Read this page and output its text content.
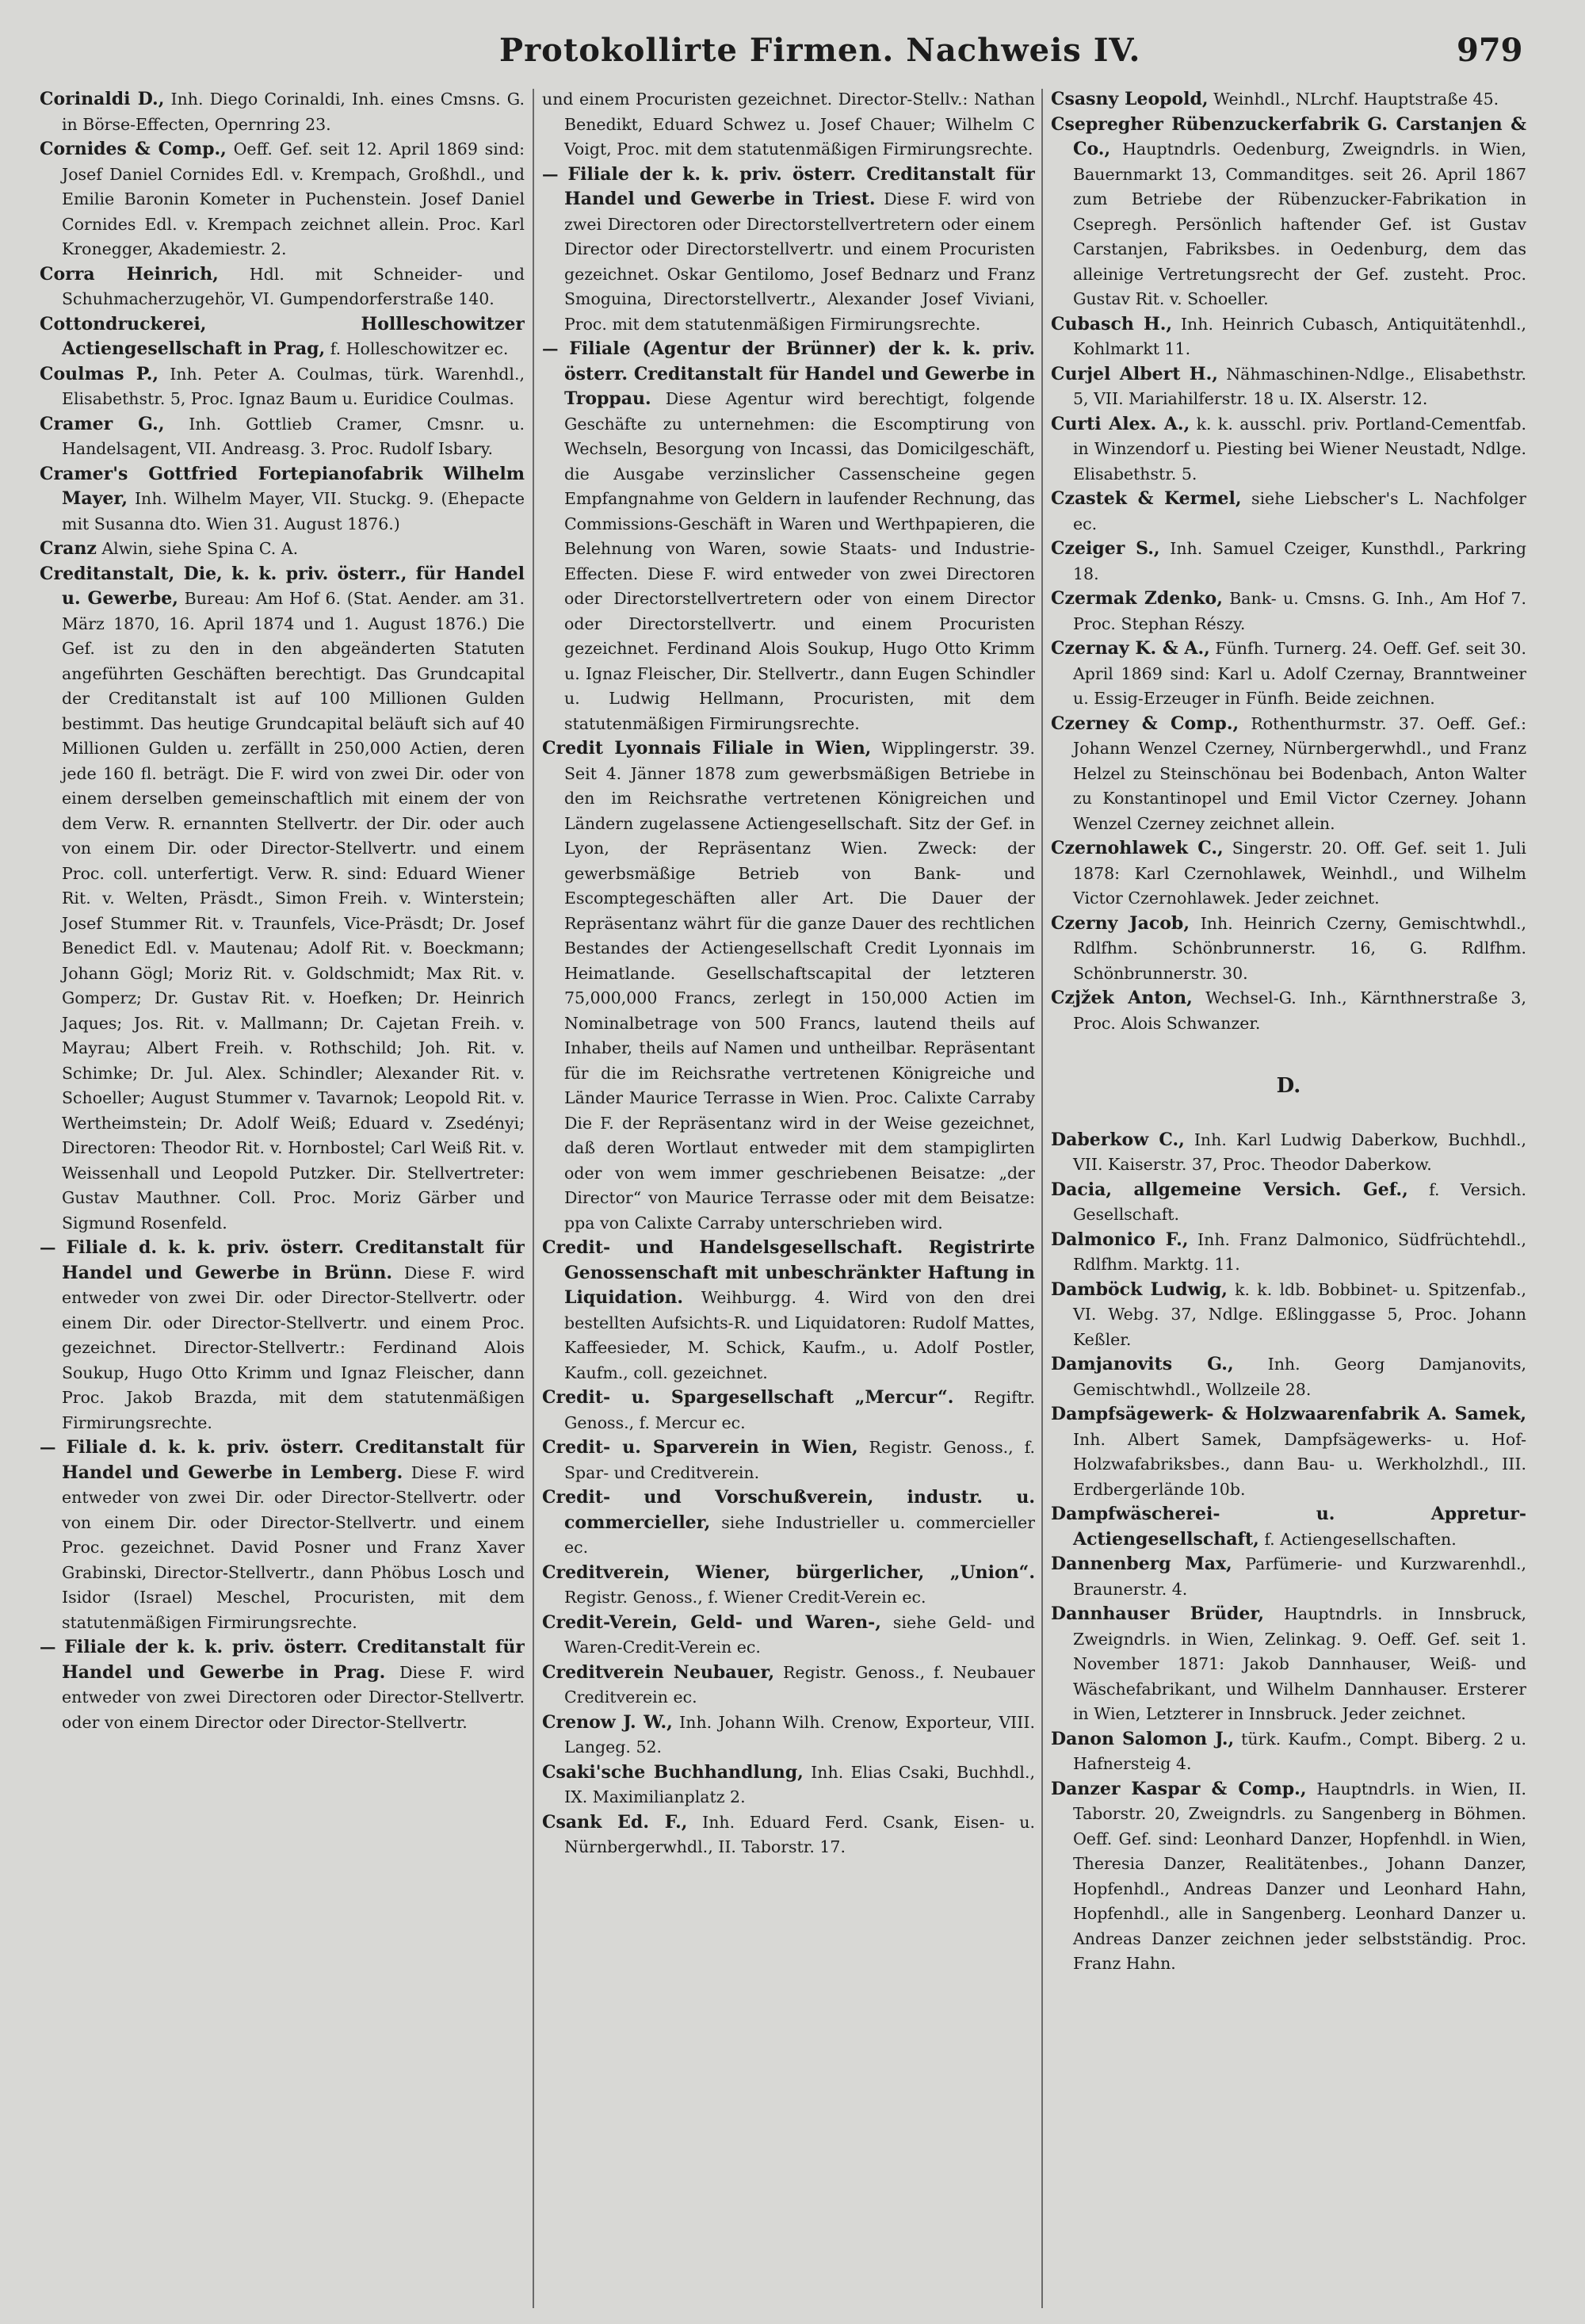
Protokollirte Firmen. Nachweis IV.	979

Corinaldi D., Inh. Diego Corinaldi, Inh. eines Cmsns. G. in Börse-Effecten, Opernring 23.

Cornides & Comp., Oeff. Gef. seit 12. April 1869 sind: Josef Daniel Cornides Edl. v. Krempach, Großhdl., und Emilie Baronin Kometer in Puchenstein. Josef Daniel Cornides Edl. v. Krempach zeichnet allein. Proc. Karl Kronegger, Akademiestr. 2.

Corra Heinrich, Hdl. mit Schneider- und Schuhmacherzugehör, VI. Gumpendorferstraße 140.

Cottondruckerei, Hollleschowitzer Actiengesellschaft in Prag, f. Holleschowitzer ec.

Coulmas P., Inh. Peter A. Coulmas, türk. Warenhdl., Elisabethstr. 5, Proc. Ignaz Baum u. Euridice Coulmas.

Cramer G., Inh. Gottlieb Cramer, Cmsnr. u. Handelsagent, VII. Andreasg. 3. Proc. Rudolf Isbary.

Cramer's Gottfried Fortepianofabrik Wilhelm Mayer, Inh. Wilhelm Mayer, VII. Stuckg. 9. (Ehepacte mit Susanna dto. Wien 31. August 1876.)

Cranz Alwin, siehe Spina C. A.

Creditanstalt, Die, k. k. priv. österr., für Handel u. Gewerbe, Bureau: Am Hof 6. (Stat. Aender. am 31. März 1870, 16. April 1874 und 1. August 1876.) Die Gef. ist zu den in den abgeänderten Statuten angeführten Geschäften berechtigt. Das Grundcapital der Creditanstalt ist auf 100 Millionen Gulden bestimmt. Das heutige Grundcapital beläuft sich auf 40 Millionen Gulden u. zerfällt in 250,000 Actien, deren jede 160 fl. beträgt. Die F. wird von zwei Dir. oder von einem derselben gemeinschaftlich mit einem der von dem Verw. R. ernannten Stellvertr. der Dir. oder auch von einem Dir. oder Director-Stellvertr. und einem Proc. coll. unterfertigt. Verw. R. sind: Eduard Wiener Rit. v. Welten, Präsdt., Simon Freih. v. Winterstein; Josef Stummer Rit. v. Traunfels, Vice-Präsdt; Dr. Josef Benedict Edl. v. Mautenau; Adolf Rit. v. Boeckmann; Johann Gögl; Moriz Rit. v. Goldschmidt; Max Rit. v. Gomperz; Dr. Gustav Rit. v. Hoefken; Dr. Heinrich Jaques; Jos. Rit. v. Mallmann; Dr. Cajetan Freih. v. Mayrau; Albert Freih. v. Rothschild; Joh. Rit. v. Schimke; Dr. Jul. Alex. Schindler; Alexander Rit. v. Schoeller; August Stummer v. Tavarnok; Leopold Rit. v. Wertheimstein; Dr. Adolf Weiß; Eduard v. Zsedényi; Directoren: Theodor Rit. v. Hornbostel; Carl Weiß Rit. v. Weissenhall und Leopold Putzker. Dir. Stellvertreter: Gustav Mauthner. Coll. Proc. Moriz Gärber und Sigmund Rosenfeld.

— Filiale d. k. k. priv. österr. Creditanstalt für Handel und Gewerbe in Brünn. Diese F. wird entweder von zwei Dir. oder Director-Stellvertr. oder einem Dir. oder Director-Stellvertr. und einem Proc. gezeichnet. Director-Stellvertr.: Ferdinand Alois Soukup, Hugo Otto Krimm und Ignaz Fleischer, dann Proc. Jakob Brazda, mit dem statutenmäßigen Firmirungsrechte.

— Filiale d. k. k. priv. österr. Creditanstalt für Handel und Gewerbe in Lemberg. Diese F. wird entweder von zwei Dir. oder Director-Stellvertr. oder von einem Dir. oder Director-Stellvertr. und einem Proc. gezeichnet. David Posner und Franz Xaver Grabinski, Director-Stellvertr., dann Phöbus Losch und Isidor (Israel) Meschel, Procuristen, mit dem statutenmäßigen Firmirungsrechte.

— Filiale der k. k. priv. österr. Creditanstalt für Handel und Gewerbe in Prag. Diese F. wird entweder von zwei Directoren oder Director-Stellvertr. oder von einem Director oder Director-Stellvertr.

und einem Procuristen gezeichnet. Director-Stellv.: Nathan Benedikt, Eduard Schwez u. Josef Chauer; Wilhelm C Voigt, Proc. mit dem statutenmäßigen Firmirungsrechte.

— Filiale der k. k. priv. österr. Creditanstalt für Handel und Gewerbe in Triest. Diese F. wird von zwei Directoren oder Directorstellvertretern oder einem Director oder Directorstellvertr. und einem Procuristen gezeichnet. Oskar Gentilomo, Josef Bednarz und Franz Smoguina, Directorstellvertr., Alexander Josef Viviani, Proc. mit dem statutenmäßigen Firmirungsrechte.

— Filiale (Agentur der Brünner) der k. k. priv. österr. Creditanstalt für Handel und Gewerbe in Troppau. Diese Agentur wird berechtigt, folgende Geschäfte zu unternehmen: die Escomptirung von Wechseln, Besorgung von Incassi, das Domicilgeschäft, die Ausgabe verzinslicher Cassenscheine gegen Empfangnahme von Geldern in laufender Rechnung, das Commissions-Geschäft in Waren und Werthpapieren, die Belehnung von Waren, sowie Staats- und Industrie-Effecten. Diese F. wird entweder von zwei Directoren oder Directorstellvertretern oder von einem Director oder Directorstellvertr. und einem Procuristen gezeichnet. Ferdinand Alois Soukup, Hugo Otto Krimm u. Ignaz Fleischer, Dir. Stellvertr., dann Eugen Schindler u. Ludwig Hellmann, Procuristen, mit dem statutenmäßigen Firmirungsrechte.

Credit Lyonnais Filiale in Wien, Wipplingerstr. 39. Seit 4. Jänner 1878 zum gewerbsmäßigen Betriebe in den im Reichsrathe vertretenen Königreichen und Ländern zugelassene Actiengesellschaft. Sitz der Gef. in Lyon, der Repräsentanz Wien. Zweck: der gewerbsmäßige Betrieb von Bank- und Escomptegeschäften aller Art. Die Dauer der Repräsentanz währt für die ganze Dauer des rechtlichen Bestandes der Actiengesellschaft Credit Lyonnais im Heimatlande. Gesellschaftscapital der letzteren 75,000,000 Francs, zerlegt in 150,000 Actien im Nominalbetrage von 500 Francs, lautend theils auf Inhaber, theils auf Namen und untheilbar. Repräsentant für die im Reichsrathe vertretenen Königreiche und Länder Maurice Terrasse in Wien. Proc. Calixte Carraby Die F. der Repräsentanz wird in der Weise gezeichnet, daß deren Wortlaut entweder mit dem stampiglirten oder von wem immer geschriebenen Beisatze: „der Director“ von Maurice Terrasse oder mit dem Beisatze: ppa von Calixte Carraby unterschrieben wird.

Credit- und Handelsgesellschaft. Registrirte Genossenschaft mit unbeschränkter Haftung in Liquidation. Weihburgg. 4. Wird von den drei bestellten Aufsichts-R. und Liquidatoren: Rudolf Mattes, Kaffeesieder, M. Schick, Kaufm., u. Adolf Postler, Kaufm., coll. gezeichnet.

Credit- u. Spargesellschaft „Mercur“. Regiftr. Genoss., f. Mercur ec.

Credit- u. Sparverein in Wien, Registr. Genoss., f. Spar- und Creditverein.

Credit- und Vorschußverein, industr. u. commercieller, siehe Industrieller u. commercieller ec.

Creditverein, Wiener, bürgerlicher, „Union“. Registr. Genoss., f. Wiener Credit-Verein ec.

Credit-Verein, Geld- und Waren-, siehe Geld- und Waren-Credit-Verein ec.

Creditverein Neubauer, Registr. Genoss., f. Neubauer Creditverein ec.

Crenow J. W., Inh. Johann Wilh. Crenow, Exporteur, VIII. Langeg. 52.

Csaki'sche Buchhandlung, Inh. Elias Csaki, Buchhdl., IX. Maximilianplatz 2.

Csank Ed. F., Inh. Eduard Ferd. Csank, Eisen- u. Nürnbergerwhdl., II. Taborstr. 17.

Csasny Leopold, Weinhdl., NLrchf. Hauptstraße 45.

Csepregher Rübenzuckerfabrik G. Carstanjen & Co., Hauptndrls. Oedenburg, Zweigndrls. in Wien, Bauernmarkt 13, Commanditges. seit 26. April 1867 zum Betriebe der Rübenzucker-Fabrikation in Csepregh. Persönlich haftender Gef. ist Gustav Carstanjen, Fabriksbes. in Oedenburg, dem das alleinige Vertretungsrecht der Gef. zusteht. Proc. Gustav Rit. v. Schoeller.

Cubasch H., Inh. Heinrich Cubasch, Antiquitätenhdl., Kohlmarkt 11.

Curjel Albert H., Nähmaschinen-Ndlge., Elisabethstr. 5, VII. Mariahilferstr. 18 u. IX. Alserstr. 12.

Curti Alex. A., k. k. ausschl. priv. Portland-Cementfab. in Winzendorf u. Piesting bei Wiener Neustadt, Ndlge. Elisabethstr. 5.

Czastek & Kermel, siehe Liebscher's L. Nachfolger ec.

Czeiger S., Inh. Samuel Czeiger, Kunsthdl., Parkring 18.

Czermak Zdenko, Bank- u. Cmsns. G. Inh., Am Hof 7. Proc. Stephan Részy.

Czernay K. & A., Fünfh. Turnerg. 24. Oeff. Gef. seit 30. April 1869 sind: Karl u. Adolf Czernay, Branntweiner u. Essig-Erzeuger in Fünfh. Beide zeichnen.

Czerney & Comp., Rothenthurmstr. 37. Oeff. Gef.: Johann Wenzel Czerney, Nürnbergerwhdl., und Franz Helzel zu Steinschönau bei Bodenbach, Anton Walter zu Konstantinopel und Emil Victor Czerney. Johann Wenzel Czerney zeichnet allein.

Czernohlawek C., Singerstr. 20. Off. Gef. seit 1. Juli 1878: Karl Czernohlawek, Weinhdl., und Wilhelm Victor Czernohlawek. Jeder zeichnet.

Czerny Jacob, Inh. Heinrich Czerny, Gemischtwhdl., Rdlfhm. Schönbrunnerstr. 16, G. Rdlfhm. Schönbrunnerstr. 30.

Czjžek Anton, Wechsel-G. Inh., Kärnthnerstraße 3, Proc. Alois Schwanzer.

D.

Daberkow C., Inh. Karl Ludwig Daberkow, Buchhdl., VII. Kaiserstr. 37, Proc. Theodor Daberkow.

Dacia, allgemeine Versich. Gef., f. Versich. Gesellschaft.

Dalmonico F., Inh. Franz Dalmonico, Südfrüchtehdl., Rdlfhm. Marktg. 11.

Damböck Ludwig, k. k. ldb. Bobbinet- u. Spitzenfab., VI. Webg. 37, Ndlge. Eßlinggasse 5, Proc. Johann Keßler.

Damjanovits G., Inh. Georg Damjanovits, Gemischtwhdl., Wollzeile 28.

Dampfsägewerk- & Holzwaarenfabrik A. Samek, Inh. Albert Samek, Dampfsägewerks- u. Hof-Holzwafabriksbes., dann Bau- u. Werkholzhdl., III. Erdbergerlände 10b.

Dampfwäscherei- u. Appretur-Actiengesellschaft, f. Actiengesellschaften.

Dannenberg Max, Parfümerie- und Kurzwarenhdl., Braunerstr. 4.

Dannhauser Brüder, Hauptndrls. in Innsbruck, Zweigndrls. in Wien, Zelinkag. 9. Oeff. Gef. seit 1. November 1871: Jakob Dannhauser, Weiß- und Wäschefabrikant, und Wilhelm Dannhauser. Ersterer in Wien, Letzterer in Innsbruck. Jeder zeichnet.

Danon Salomon J., türk. Kaufm., Compt. Biberg. 2 u. Hafnersteig 4.

Danzer Kaspar & Comp., Hauptndrls. in Wien, II. Taborstr. 20, Zweigndrls. zu Sangenberg in Böhmen. Oeff. Gef. sind: Leonhard Danzer, Hopfenhdl. in Wien, Theresia Danzer, Realitätenbes., Johann Danzer, Hopfenhdl., Andreas Danzer und Leonhard Hahn, Hopfenhdl., alle in Sangenberg. Leonhard Danzer u. Andreas Danzer zeichnen jeder selbstständig. Proc. Franz Hahn.
